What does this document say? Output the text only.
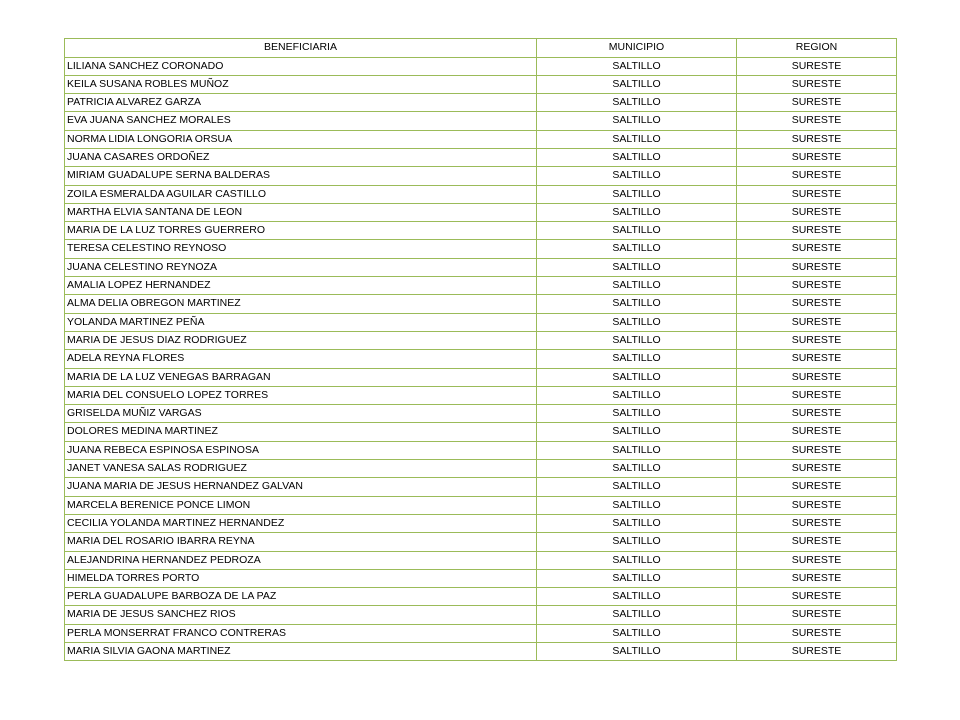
BENEFICIARIA	MUNICIPIO	REGION
LILIANA SANCHEZ CORONADO	SALTILLO	SURESTE
KEILA SUSANA ROBLES MUÑOZ	SALTILLO	SURESTE
PATRICIA ALVAREZ GARZA	SALTILLO	SURESTE
EVA JUANA SANCHEZ MORALES	SALTILLO	SURESTE
NORMA LIDIA LONGORIA ORSUA	SALTILLO	SURESTE
JUANA CASARES ORDOÑEZ	SALTILLO	SURESTE
MIRIAM GUADALUPE SERNA BALDERAS	SALTILLO	SURESTE
ZOILA ESMERALDA AGUILAR CASTILLO	SALTILLO	SURESTE
MARTHA ELVIA SANTANA DE LEON	SALTILLO	SURESTE
MARIA DE LA LUZ TORRES GUERRERO	SALTILLO	SURESTE
TERESA CELESTINO REYNOSO	SALTILLO	SURESTE
JUANA CELESTINO REYNOZA	SALTILLO	SURESTE
AMALIA LOPEZ HERNANDEZ	SALTILLO	SURESTE
ALMA DELIA OBREGON MARTINEZ	SALTILLO	SURESTE
YOLANDA MARTINEZ PEÑA	SALTILLO	SURESTE
MARIA DE JESUS DIAZ RODRIGUEZ	SALTILLO	SURESTE
ADELA REYNA FLORES	SALTILLO	SURESTE
MARIA DE LA LUZ VENEGAS BARRAGAN	SALTILLO	SURESTE
MARIA DEL CONSUELO LOPEZ TORRES	SALTILLO	SURESTE
GRISELDA MUÑIZ VARGAS	SALTILLO	SURESTE
DOLORES MEDINA MARTINEZ	SALTILLO	SURESTE
JUANA REBECA ESPINOSA ESPINOSA	SALTILLO	SURESTE
JANET VANESA SALAS RODRIGUEZ	SALTILLO	SURESTE
JUANA MARIA DE JESUS HERNANDEZ GALVAN	SALTILLO	SURESTE
MARCELA BERENICE PONCE LIMON	SALTILLO	SURESTE
CECILIA YOLANDA MARTINEZ HERNANDEZ	SALTILLO	SURESTE
MARIA DEL ROSARIO IBARRA REYNA	SALTILLO	SURESTE
ALEJANDRINA HERNANDEZ PEDROZA	SALTILLO	SURESTE
HIMELDA TORRES PORTO	SALTILLO	SURESTE
PERLA GUADALUPE BARBOZA DE LA PAZ	SALTILLO	SURESTE
MARIA DE JESUS SANCHEZ RIOS	SALTILLO	SURESTE
PERLA MONSERRAT FRANCO CONTRERAS	SALTILLO	SURESTE
MARIA SILVIA GAONA MARTINEZ	SALTILLO	SURESTE
